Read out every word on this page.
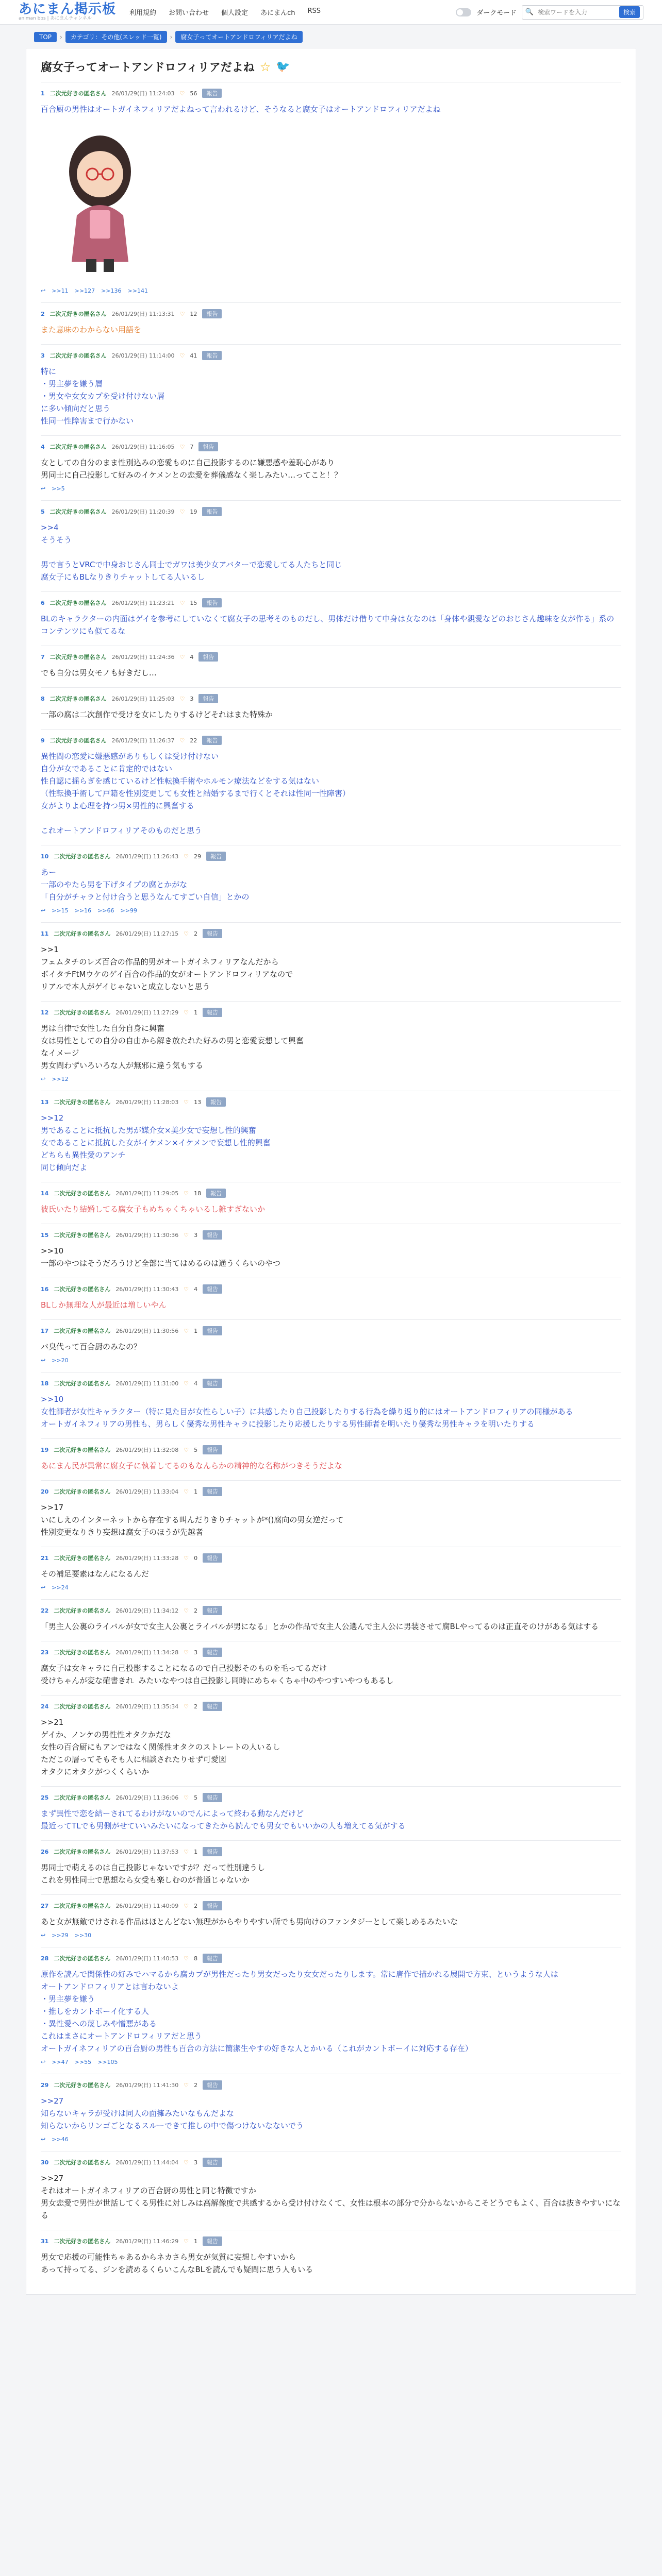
あにまん掲示板
animan bbs | あにまんチャンネル
利用規約 お問い合わせ 個人設定 あにまんch RSS	ダークモード 🔍
検索ワードを入力	検索
TOP	›	カテゴリ：その他(スレッド一覧)	›	腐女子ってオートアンドロフィリアだよね
腐女子ってオートアンドロフィリアだよね ☆ 🐦
1 二次元好きの匿名さん 26/01/29(日) 11:24:03 ♡ 56	報告
百合厨の男性はオートガイネフィリアだよねって言われるけど、そうなると腐女子はオートアンドロフィリアだよね
↩ >>11 >>127 >>136 >>141
2 二次元好きの匿名さん 26/01/29(日) 11:13:31 ♡ 12	報告
また意味のわからない用語を
3 二次元好きの匿名さん 26/01/29(日) 11:14:00 ♡ 41	報告
特に
・男主夢を嫌う層
・男女や女女カプを受け付けない層
に多い傾向だと思う
性同一性障害まで行かない
4 二次元好きの匿名さん 26/01/29(日) 11:16:05 ♡ 7	報告
女としての自分のまま性別込みの恋愛ものに自己投影するのに嫌悪感や羞恥心があり
男同士に自己投影して好みのイケメンとの恋愛を葬儀感なく楽しみたい…ってこと！？
↩ >>5
5 二次元好きの匿名さん 26/01/29(日) 11:20:39 ♡ 19	報告
>>4
そうそう

男で言うとVRCで中身おじさん同士でガワは美少女アバターで恋愛してる人たちと同じ
腐女子にもBLなりきりチャットしてる人いるし
6 二次元好きの匿名さん 26/01/29(日) 11:23:21 ♡ 15	報告
BLのキャラクターの内面はゲイを参考にしていなくて腐女子の思考そのものだし、男体だけ借りて中身は女なのは「身体や親愛などのおじさん趣味を女が作る」系のコンテンツにも似てるな
7 二次元好きの匿名さん 26/01/29(日) 11:24:36 ♡ 4	報告
でも自分は男女モノも好きだし…
8 二次元好きの匿名さん 26/01/29(日) 11:25:03 ♡ 3	報告
一部の腐は二次創作で受けを女にしたりするけどそれはまた特殊か
9 二次元好きの匿名さん 26/01/29(日) 11:26:37 ♡ 22	報告
異性間の恋愛に嫌悪感がありもしくは受け付けない
自分が女であることに肯定的ではない
性自認に揺らぎを感じているけど性転換手術やホルモン療法などをする気はない
（性転換手術して戸籍を性別変更しても女性と結婚するまで行くとそれは性同一性障害）
女がよりよ心理を持つ男×男性的に興奮する

これオートアンドロフィリアそのものだと思う
10 二次元好きの匿名さん 26/01/29(日) 11:26:43 ♡ 29	報告
あー
一部のやたら男を下げタイプの腐とかがな
「自分がチャラと付け合うと思うなんてすごい自信」とかの
↩ >>15 >>16 >>66 >>99
11 二次元好きの匿名さん 26/01/29(日) 11:27:15 ♡ 2	報告
>>1
フェムタチのレズ百合の作品的男がオートガイネフィリアなんだから
ボイタチFtMウケのゲイ百合の作品的女がオートアンドロフィリアなので
リアルで本人がゲイじゃないと成立しないと思う
12 二次元好きの匿名さん 26/01/29(日) 11:27:29 ♡ 1	報告
男は自律で女性した自分自身に興奮
女は男性としての自分の自由から解き放たれた好みの男と恋愛妄想して興奮
なイメージ
男女問わずいろいろな人が無邪に違う気もする
↩ >>12
13 二次元好きの匿名さん 26/01/29(日) 11:28:03 ♡ 13	報告
>>12
男であることに抵抗した男が媒介女×美少女で妄想し性的興奮
女であることに抵抗した女がイケメン×イケメンで妄想し性的興奮
どちらも異性愛のアンチ
同じ傾向だよ
14 二次元好きの匿名さん 26/01/29(日) 11:29:05 ♡ 18	報告
彼氏いたり結婚してる腐女子もめちゃくちゃいるし雑すぎないか
15 二次元好きの匿名さん 26/01/29(日) 11:30:36 ♡ 3	報告
>>10
一部のやつはそうだろうけど全部に当てはめるのは通うくらいのやつ
16 二次元好きの匿名さん 26/01/29(日) 11:30:43 ♡ 4	報告
BLしか無理な人が最近は増しいやん
17 二次元好きの匿名さん 26/01/29(日) 11:30:56 ♡ 1	報告
バ臭代って百合厨のみなの？
↩ >>20
18 二次元好きの匿名さん 26/01/29(日) 11:31:00 ♡ 4	報告
>>10
女性師者が女性キャラクター（特に見た目が女性らしい子）に共感したり自己投影したりする行為を繰り返り的にはオートアンドロフィリアの同様がある
オートガイネフィリアの男性も、男らしく優秀な男性キャラに投影したり応援したりする男性師者を明いたり優秀な男性キャラを明いたりする
19 二次元好きの匿名さん 26/01/29(日) 11:32:08 ♡ 5	報告
あにまん民が異常に腐女子に執着してるのもなんらかの精神的な名称がつきそうだよな
20 二次元好きの匿名さん 26/01/29(日) 11:33:04 ♡ 1	報告
>>17
いにしえのインターネットから存在する叫んだりきりチャットが*()腐向の男女逆だって
性別変更なりきり妄想は腐女子のほうが先越者
21 二次元好きの匿名さん 26/01/29(日) 11:33:28 ♡ 0	報告
その補足要素はなんになるんだ
↩ >>24
22 二次元好きの匿名さん 26/01/29(日) 11:34:12 ♡ 2	報告
「男主人公裏のライバルが女で女主人公裏とライバルが男になる」とかの作品で女主人公選んで主人公に男装させて腐BLやってるのは正直そのけがある気はする
23 二次元好きの匿名さん 26/01/29(日) 11:34:28 ♡ 3	報告
腐女子は女キャラに自己投影することになるので自己投影そのものを毛ってるだけ
受けちゃんが変な確書きれ  みたいなやつは自己投影し同時にめちゃくちゃ中のやつすいやつもあるし
24 二次元好きの匿名さん 26/01/29(日) 11:35:34 ♡ 2	報告
>>21
ゲイか、ノンケの男性性オタクかだな
女性の百合厨にもアンではなく関係性オタクのストレートの人いるし
ただこの層ってそもそも人に相談されたりせず可愛図
オタクにオタクがつくくらいか
25 二次元好きの匿名さん 26/01/29(日) 11:36:06 ♡ 5	報告
まず異性で恋を結ーされてるわけがないのでんによって終わる動なんだけど
最近ってTLでも男側がせていいみたいになってきたから読んでも男女でもいいかの人も増えてる気がする
26 二次元好きの匿名さん 26/01/29(日) 11:37:53 ♡ 1	報告
男同士で萌えるのは自己投影じゃないですが？だって性別違うし
これを男性同士で思想なら女受も楽しむのが普通じゃないか
27 二次元好きの匿名さん 26/01/29(日) 11:40:09 ♡ 2	報告
あと女が無敵でけされる作品はほとんどない無理がからやりやすい所でも男向けのファンタジーとして楽しめるみたいな
↩ >>29 >>30
28 二次元好きの匿名さん 26/01/29(日) 11:40:53 ♡ 8	報告
原作を読んで関係性の好みでハマるから腐カプが男性だったり男女だったり女女だったりします。常に唐作で描かれる展開で方束、というような人は
オートアンドロフィリアとは言わないよ
・男主夢を嫌う
・推しをカントボーイ化する人
・異性愛への蔑しみや憎悪がある
これはまさにオートアンドロフィリアだと思う
オートガイネフィリアの百合厨の男性も百合の方法に簡潔生やすの好きな人とかいる（これがカントボーイに対応する存在）
↩ >>47 >>55 >>105
29 二次元好きの匿名さん 26/01/29(日) 11:41:30 ♡ 2	報告
>>27
知らないキャラが受けは同人の面擁みたいなもんだよな
知らないからリンゴごとなるスルーできて推しの中で傷つけないなないでう
↩ >>46
30 二次元好きの匿名さん 26/01/29(日) 11:44:04 ♡ 3	報告
>>27
それはオートガイネフィリアの百合厨の男性と同じ特徴ですか
男女恋愛で男性が世話してくる男性に対しみは高解像度で共感するから受け付けなくて、女性は根本の部分で分からないからこそどうでもよく、百合は抜きやすいになる
31 二次元好きの匿名さん 26/01/29(日) 11:46:29 ♡ 1	報告
男女で応援の可能性ちゃあるからネカさら男女が気質に妄想しやすいから
あって持ってる、ジンを読めるくらいこんなBLを読んでも疑問に思う人もいる
